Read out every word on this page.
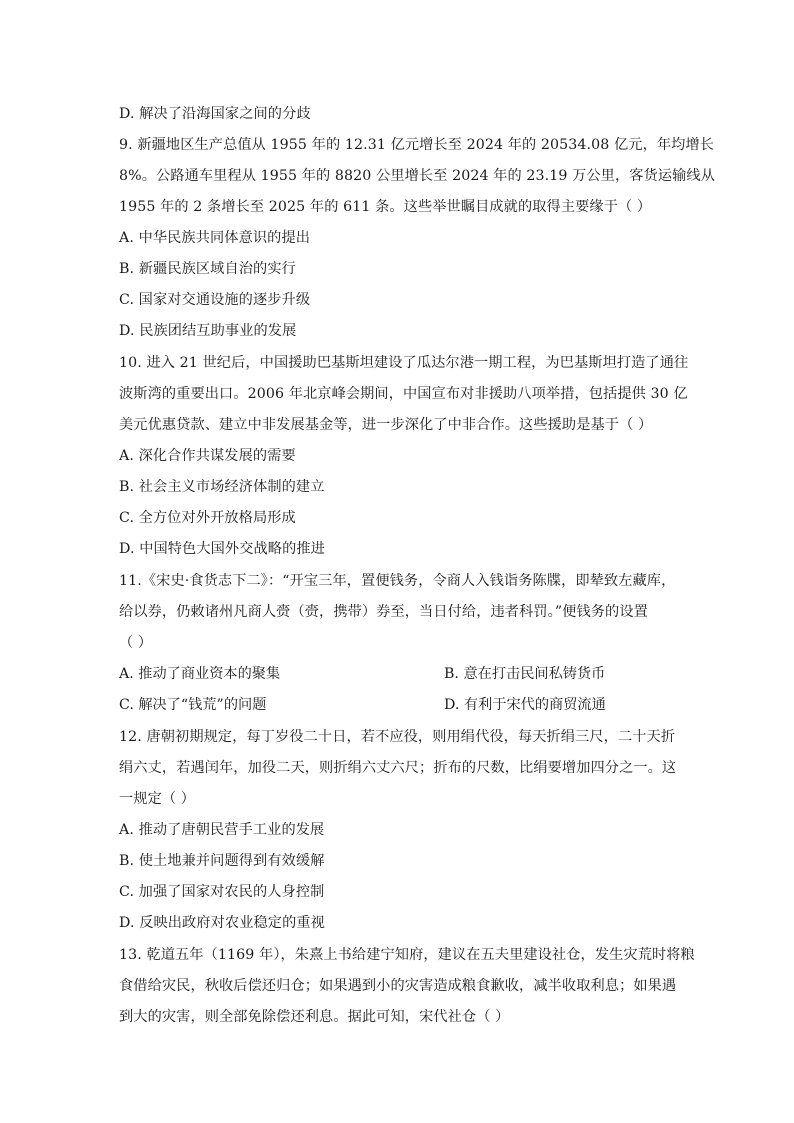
D. 解决了沿海国家之间的分歧
9. 新疆地区生产总值从 1955 年的 12.31 亿元增长至 2024 年的 20534.08 亿元，年均增长
8%。公路通车里程从 1955 年的 8820 公里增长至 2024 年的 23.19 万公里，客货运输线从
1955 年的 2 条增长至 2025 年的 611 条。这些举世瞩目成就的取得主要缘于（ ）
A. 中华民族共同体意识的提出
B. 新疆民族区域自治的实行
C. 国家对交通设施的逐步升级
D. 民族团结互助事业的发展
10. 进入 21 世纪后，中国援助巴基斯坦建设了瓜达尔港一期工程，为巴基斯坦打造了通往
波斯湾的重要出口。2006 年北京峰会期间，中国宣布对非援助八项举措，包括提供 30 亿
美元优惠贷款、建立中非发展基金等，进一步深化了中非合作。这些援助是基于（ ）
A. 深化合作共谋发展的需要
B. 社会主义市场经济体制的建立
C. 全方位对外开放格局形成
D. 中国特色大国外交战略的推进
11.《宋史·食货志下二》：“开宝三年，置便钱务，令商人入钱诣务陈牒，即辇致左藏库，
给以券，仍敕诸州凡商人赍（赍，携带）券至，当日付给，违者科罚。”便钱务的设置
（ ）
A. 推动了商业资本的聚集	B. 意在打击民间私铸货币
C. 解决了“钱荒”的问题	D. 有利于宋代的商贸流通
12. 唐朝初期规定，每丁岁役二十日，若不应役，则用绢代役，每天折绢三尺，二十天折
绢六丈，若遇闰年，加役二天，则折绢六丈六尺；折布的尺数，比绢要增加四分之一。这
一规定（ ）
A. 推动了唐朝民营手工业的发展
B. 使土地兼并问题得到有效缓解
C. 加强了国家对农民的人身控制
D. 反映出政府对农业稳定的重视
13. 乾道五年（1169 年），朱熹上书给建宁知府，建议在五夫里建设社仓，发生灾荒时将粮
食借给灾民，秋收后偿还归仓；如果遇到小的灾害造成粮食歉收，减半收取利息；如果遇
到大的灾害，则全部免除偿还利息。据此可知，宋代社仓（ ）
